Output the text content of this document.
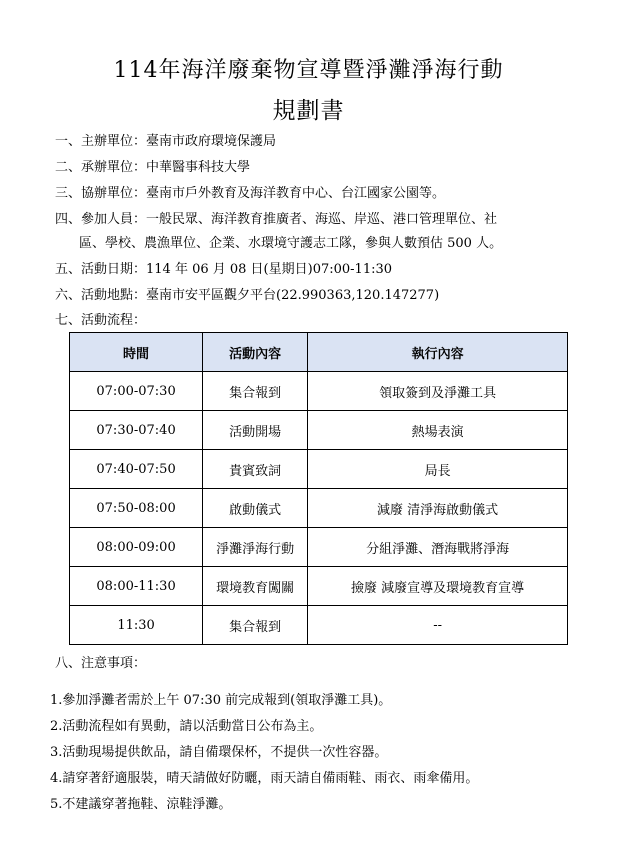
114年海洋廢棄物宣導暨淨灘淨海行動
規劃書
一、主辦單位：臺南市政府環境保護局
二、承辦單位：中華醫事科技大學
三、協辦單位：臺南市戶外教育及海洋教育中心、台江國家公園等。
四、參加人員：一般民眾、海洋教育推廣者、海巡、岸巡、港口管理單位、社
區、學校、農漁單位、企業、水環境守護志工隊，參與人數預估 500 人。
五、活動日期：114 年 06 月 08 日(星期日)07:00-11:30
六、活動地點：臺南市安平區觀夕平台(22.990363,120.147277)
七、活動流程：
時間	活動內容	執行內容
07:00-07:30	集合報到	領取簽到及淨灘工具
07:30-07:40	活動開場	熱場表演
07:40-07:50	貴賓致詞	局長
07:50-08:00	啟動儀式	減廢 清淨海啟動儀式
08:00-09:00	淨灘淨海行動	分組淨灘、潛海戰將淨海
08:00-11:30	環境教育闖關	撿廢 減廢宣導及環境教育宣導
11:30	集合報到	--
八、注意事項：
1.參加淨灘者需於上午 07:30 前完成報到(領取淨灘工具)。
2.活動流程如有異動，請以活動當日公布為主。
3.活動現場提供飲品，請自備環保杯，不提供一次性容器。
4.請穿著舒適服裝，晴天請做好防曬，雨天請自備雨鞋、雨衣、雨傘備用。
5.不建議穿著拖鞋、涼鞋淨灘。
